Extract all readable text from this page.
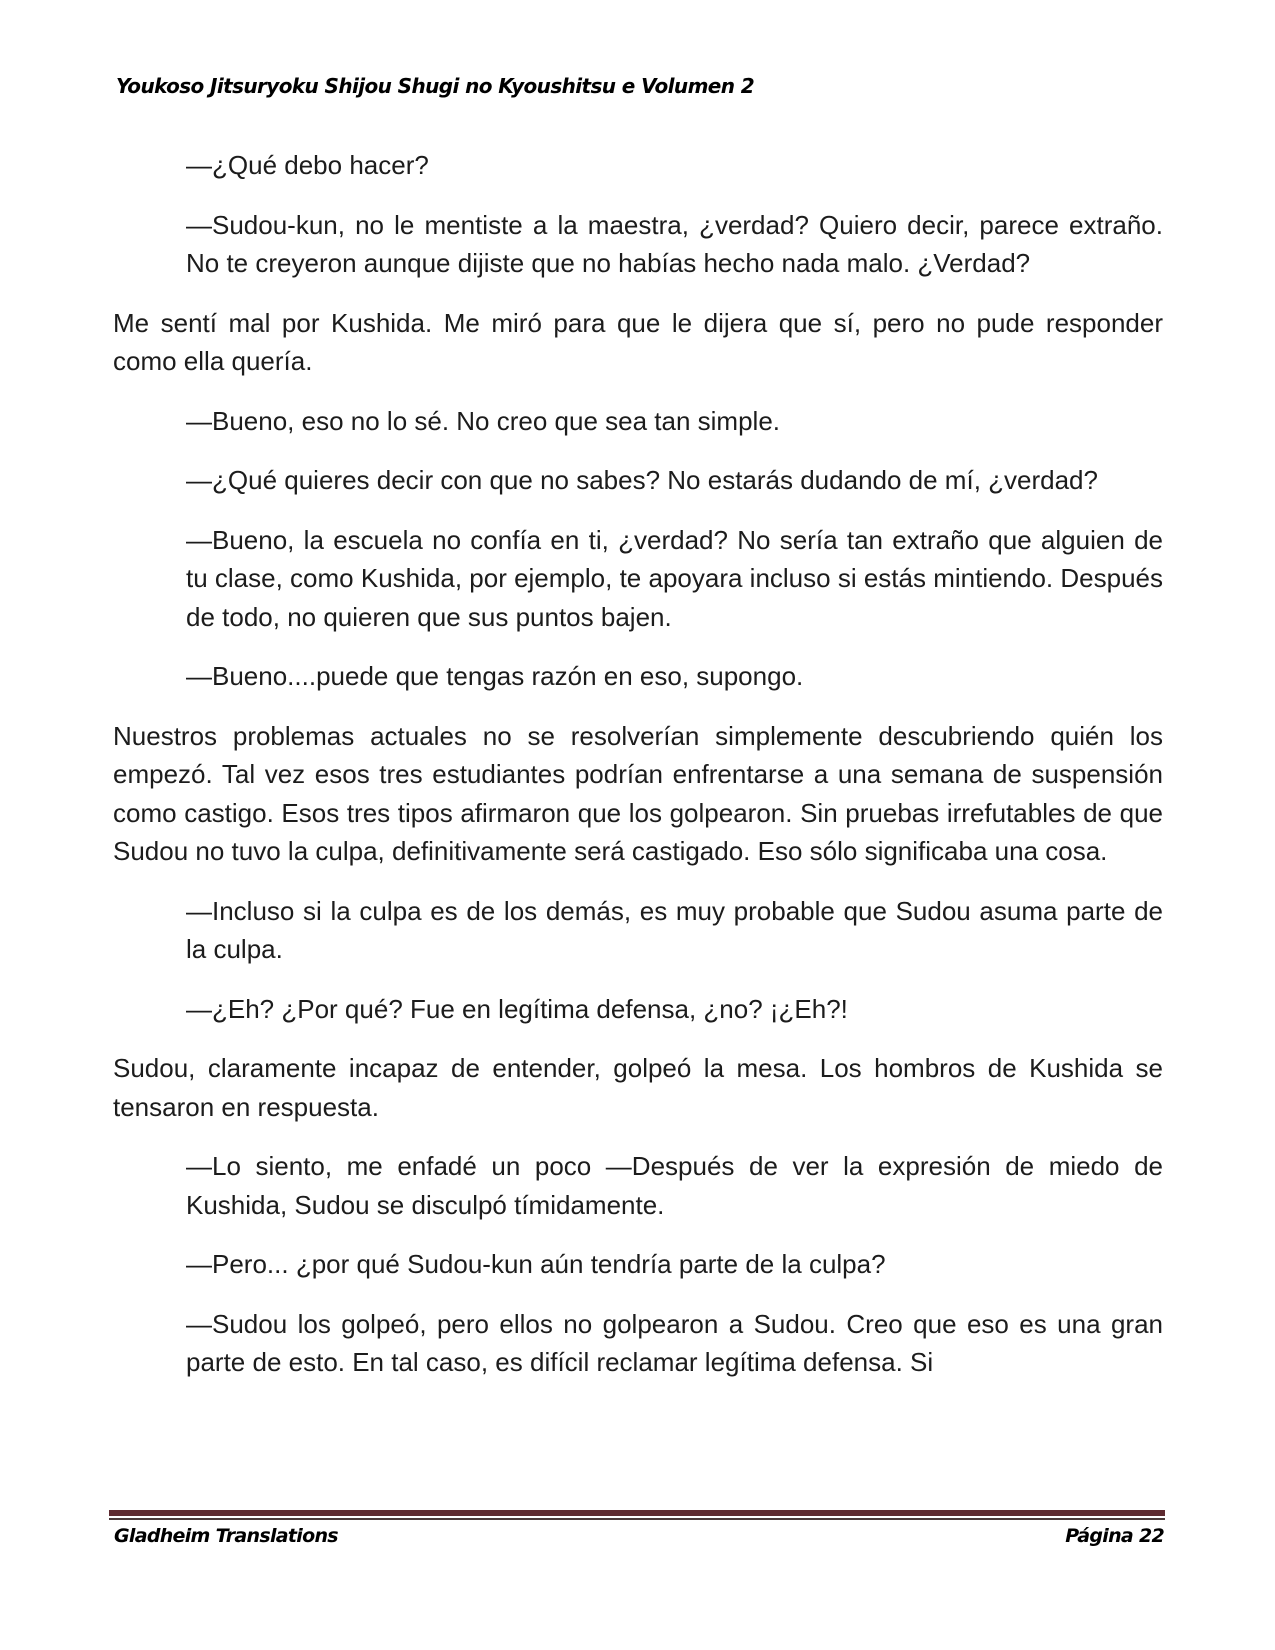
Youkoso Jitsuryoku Shijou Shugi no Kyoushitsu e Volumen 2

—¿Qué debo hacer?

—Sudou-kun, no le mentiste a la maestra, ¿verdad? Quiero decir, parece extraño. No te creyeron aunque dijiste que no habías hecho nada malo. ¿Verdad?

Me sentí mal por Kushida. Me miró para que le dijera que sí, pero no pude responder como ella quería.

—Bueno, eso no lo sé. No creo que sea tan simple.

—¿Qué quieres decir con que no sabes? No estarás dudando de mí, ¿verdad?

—Bueno, la escuela no confía en ti, ¿verdad? No sería tan extraño que alguien de tu clase, como Kushida, por ejemplo, te apoyara incluso si estás mintiendo. Después de todo, no quieren que sus puntos bajen.

—Bueno....puede que tengas razón en eso, supongo.

Nuestros problemas actuales no se resolverían simplemente descubriendo quién los empezó. Tal vez esos tres estudiantes podrían enfrentarse a una semana de suspensión como castigo. Esos tres tipos afirmaron que los golpearon. Sin pruebas irrefutables de que Sudou no tuvo la culpa, definitivamente será castigado. Eso sólo significaba una cosa.

—Incluso si la culpa es de los demás, es muy probable que Sudou asuma parte de la culpa.

—¿Eh? ¿Por qué? Fue en legítima defensa, ¿no? ¡¿Eh?!

Sudou, claramente incapaz de entender, golpeó la mesa. Los hombros de Kushida se tensaron en respuesta.

—Lo siento, me enfadé un poco —Después de ver la expresión de miedo de Kushida, Sudou se disculpó tímidamente.

—Pero... ¿por qué Sudou-kun aún tendría parte de la culpa?

—Sudou los golpeó, pero ellos no golpearon a Sudou. Creo que eso es una gran parte de esto. En tal caso, es difícil reclamar legítima defensa. Si

Gladheim Translations	Página 22
